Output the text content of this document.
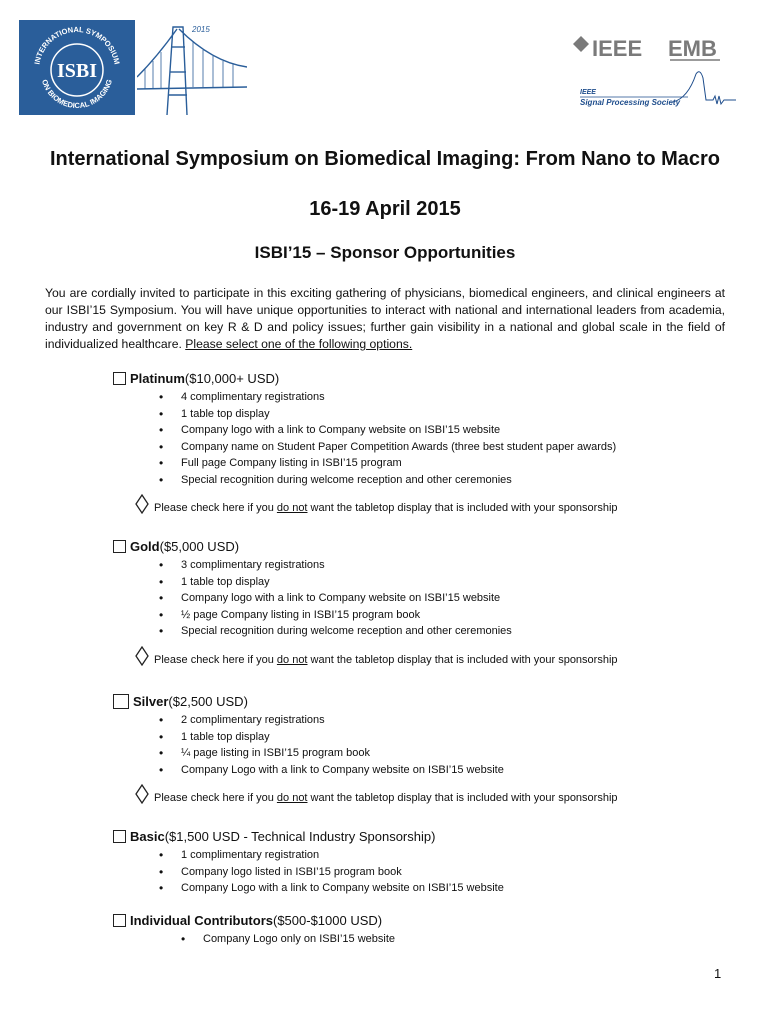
INTERNATIONAL SYMPOSIUM
ON BIOMEDICAL IMAGING
ISBI
2015
IEEE EMB
IEEE
Signal Processing Society
International Symposium on Biomedical Imaging: From Nano to Macro
16-19 April 2015
ISBI’15 – Sponsor Opportunities
You are cordially invited to participate in this exciting gathering of physicians, biomedical engineers, and clinical engineers at our ISBI’15 Symposium. You will have unique opportunities to interact with national and international leaders from academia, industry and government on key R & D and policy issues; further gain visibility in a national and global scale in the field of individualized healthcare. Please select one of the following options.
Platinum ($10,000+ USD)
• 4 complimentary registrations
• 1 table top display
• Company logo with a link to Company website on ISBI’15 website
• Company name on Student Paper Competition Awards (three best student paper awards)
• Full page Company listing in ISBI’15 program
• Special recognition during welcome reception and other ceremonies
Please check here if you do not want the tabletop display that is included with your sponsorship
Gold ($5,000 USD)
• 3 complimentary registrations
• 1 table top display
• Company logo with a link to Company website on ISBI’15 website
• ½ page Company listing in ISBI’15 program book
• Special recognition during welcome reception and other ceremonies
Please check here if you do not want the tabletop display that is included with your sponsorship
Silver ($2,500 USD)
• 2 complimentary registrations
• 1 table top display
• ¼ page listing in ISBI’15 program book
• Company Logo with a link to Company website on ISBI’15 website
Please check here if you do not want the tabletop display that is included with your sponsorship
Basic ($1,500 USD - Technical Industry Sponsorship)
• 1 complimentary registration
• Company logo listed in ISBI’15 program book
• Company Logo with a link to Company website on ISBI’15 website
Individual Contributors ($500-$1000 USD)
• Company Logo only on ISBI’15 website
1
